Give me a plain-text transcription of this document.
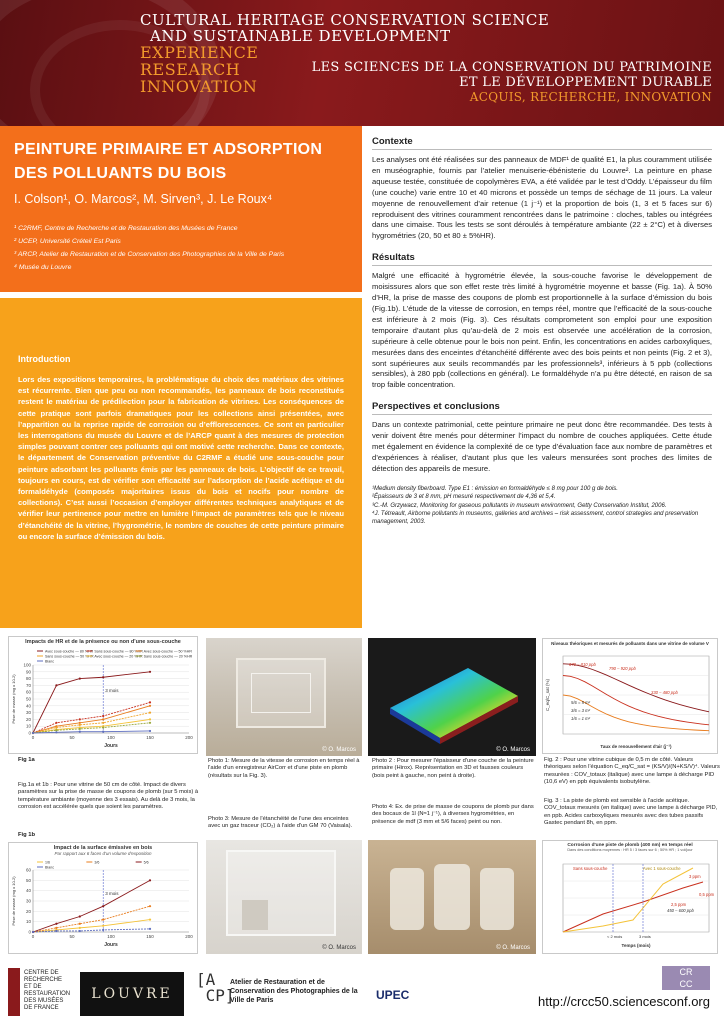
CULTURAL HERITAGE CONSERVATION SCIENCE
AND SUSTAINABLE DEVELOPMENT
EXPERIENCE
RESEARCH
INNOVATION
LES SCIENCES DE LA CONSERVATION DU PATRIMOINE
ET LE DÉVELOPPEMENT DURABLE
ACQUIS, RECHERCHE, INNOVATION
PEINTURE PRIMAIRE ET ADSORPTION
DES POLLUANTS DU BOIS
I. Colson¹, O. Marcos², M. Sirven³, J. Le Roux⁴
¹ C2RMF, Centre de Recherche et de Restauration des Musées de France
² UCEP, Université Créteil Est Paris
³ ARCP, Atelier de Restauration et de Conservation des Photographies de la Ville de Paris
⁴ Musée du Louvre
Introduction

Lors des expositions temporaires, la problématique du choix des matériaux des vitrines est récurrente. Bien que peu ou non recommandés, les panneaux de bois reconstitués restent le matériau de prédilection pour la fabrication de vitrines. Les conséquences de cette pratique sont parfois dramatiques pour les collections ainsi présentées, avec l’apparition ou la reprise rapide de corrosion ou d’efflorescences. Ce sont en particulier les interrogations du musée du Louvre et de l’ARCP quant à des mesures de protection simples pouvant contrer ces polluants qui ont motivé cette recherche. Dans ce contexte, le département de Conservation préventive du C2RMF a étudié une sous-couche pour peinture adsorbant les polluants émis par les panneaux de bois. L’objectif de ce travail, toujours en cours, est de vérifier son efficacité sur l’adsorption de l’acide acétique et du formaldéhyde (composés majoritaires issus du bois et nocifs pour nombre de collections). C’est aussi l’occasion d’employer différentes techniques analytiques et de vérifier leur pertinence pour mettre en lumière l’impact de paramètres tels que le niveau d’étanchéité de la vitrine, l’hygrométrie, le nombre de couches de cette peinture primaire ou encore la surface d’émission du bois.

Contexte

Les analyses ont été réalisées sur des panneaux de MDF¹ de qualité E1, la plus couramment utilisée en muséographie, fournis par l’atelier menuiserie-ébénisterie du Louvre². La peinture en phase aqueuse testée, constituée de copolymères EVA, a été validée par le test d’Oddy. L’épaisseur du film (une couche) varie entre 10 et 40 microns et possède un temps de séchage de 11 jours. La valeur moyenne de renouvellement d’air retenue (1 j⁻¹) et la proportion de bois (1, 3 et 5 faces sur 6) reproduisent des vitrines couramment rencontrées dans le patrimoine : cloches, tables ou intégrées dans une cimaise. Tous les tests se sont déroulés à température ambiante (22 ± 2°C) et à diverses hygrométries (20, 50 et 80 ± 5%HR).

Résultats

Malgré une efficacité à hygrométrie élevée, la sous-couche favorise le développement de moisissures alors que son effet reste très limité à hygrométrie moyenne et basse (Fig. 1a). À 50% d’HR, la prise de masse des coupons de plomb est proportionnelle à la surface d’émission du bois (Fig.1b). L’étude de la vitesse de corrosion, en temps réel, montre que l’efficacité de la sous-couche est inférieure à 2 mois (Fig. 3). Ces résultats comprometent son emploi pour une exposition temporaire d’autant plus qu’au-delà de 2 mois est observée une accélération de la corrosion, supérieure à celle obtenue pour le bois non peint. Enfin, les concentrations en acides carboxyliques, mesurées dans des enceintes d’étanchéité différente avec des bois peints et non peints (Fig. 2 et 3), sont supérieures aux seuils recommandés par les professionnels³, inférieurs à 5 ppb (collections sensibles), à 280 ppb (collections en général). Le formaldéhyde n’a pu être détecté, en raison de sa trop faible concentration.

Perspectives et conclusions

Dans un contexte patrimonial, cette peinture primaire ne peut donc être recommandée. Des tests à venir doivent être menés pour déterminer l’impact du nombre de couches appliquées. Cette étude met également en évidence la complexité de ce type d’évaluation face aux nombre de paramètres et d’expériences à réaliser, d’autant plus que les valeurs mensurées sont proches des limites de détection des appareils de mesure.

¹Medium density fiberboard. Type E1 : émission en formaldéhyde ≤ 8 mg pour 100 g de bois.
²Épaisseurs de 3 et 8 mm, pH mesuré respectivement de 4,36 et 5,4.
³C.-M. Grzywacz, Monitoring for gaseous pollutants in museum environment, Getty Conservation Institut, 2006.
⁴J. Tétreault, Airborne pollutants in museums, galleries and archives – risk assessment, control strategies and preservation management, 2003.
Impacts de HR et de la présence ou non d'une sous-couche
0
10
20
30
40
50
60
70
80
90
100
0	50	100	150	200
Jours
Prise de masse (mg x 10-2)	3 mois
Avec sous-couche — 80 %HR Sans sous-couche — 80 %HR Avec sous-couche — 50 %HR
Sans sous-couche — 50 %HR Avec sous-couche — 20 %HR Sans sous-couche — 20 %HR
Blanc
Fig 1a
Fig.1a et 1b : Pour une vitrine de 50 cm de côté. Impact de divers paramètres sur la prise de masse de coupons de plomb (sur 5 mois) à température ambiante (moyenne des 3 essais). Au delà de 3 mois, la corrosion est accélérée quels que soient les paramètres.
Fig 1b
Impact de la surface émissive en bois
Par rapport aux 6 faces d'un volume d'exposition
0
10
20
30
40
50
60
0	50	100	150	200
Jours
Prise de masse (mg x 10-2)	3 mois
1/6	3/6	5/6
Blanc
© O. Marcos
Photo 1: Mesure de la vitesse de corrosion en temps réel à l'aide d'un enregistreur AirCorr et d'une piste en plomb (résultats sur la Fig. 3).
© O. Marcos
Photo 2 : Pour mesurer l'épaisseur d'une couche de la peinture primaire (Hirox). Représentation en 3D et fausses couleurs (bois peint à gauche, non peint à droite).
© O. Marcos
Photo 3: Mesure de l'étanchéité de l'une des enceintes avec un gaz traceur (CO₂) à l'aide d'un GM 70 (Vaisala).
© O. Marcos
Photo 4: Ex. de prise de masse de coupons de plomb pur dans des bocaux de 1l (N≈1 j⁻¹), à diverses hygrométries, en présence de mdf (3 mm et 5/6 faces) peint ou non.
Niveaux théoriques et mesurés de polluants dans une vitrine de volume V
670 – 810 ppb
790 – 920 ppb
330 – 480 ppb
5/6 = 5 m²
3/6 = 3 m²
1/6 = 1 m²
Taux de renouvellement d'air (j⁻¹)
C_eq/C_sat (%)
Fig. 2 : Pour une vitrine cubique de 0,5 m de côté. Valeurs théoriques selon l'équation C_eq/C_sat = (KS/V)/(N+KS/V)⁴. Valeurs mesurées : COV_totaux (italique) avec une lampe à décharge PID (10,6 eV) en ppb équivalents isobutylène.
Fig. 3 : La piste de plomb est sensible à l'acide acétique. COV_totaux mesurés (en italique) avec une lampe à décharge PID, en ppb. Acides carboxyliques mesurés avec des tubes passifs Gastec pendant 8h, en ppm.
Corrosion d'une piste de plomb (400 nm) en temps réel
Dans des conditions moyennes : HR 5 / 3 faces sur 6 ; 50% HR ; 1 vol/jour
Sans sous-couche	Avec 1 sous-couche
3 ppm
0,5 ppm
2,5 ppm
450 – 600 ppb
< 2 mois	3 mois
Temps (mois)
CENTRE DE RECHERCHE ET DE RESTAURATION DES MUSÉES DE FRANCE
LOUVRE
[A
CP]
Atelier de Restauration et de Conservation des Photographies de la Ville de Paris	UPEC	http://crcc50.sciencesconf.org
CR
CC
